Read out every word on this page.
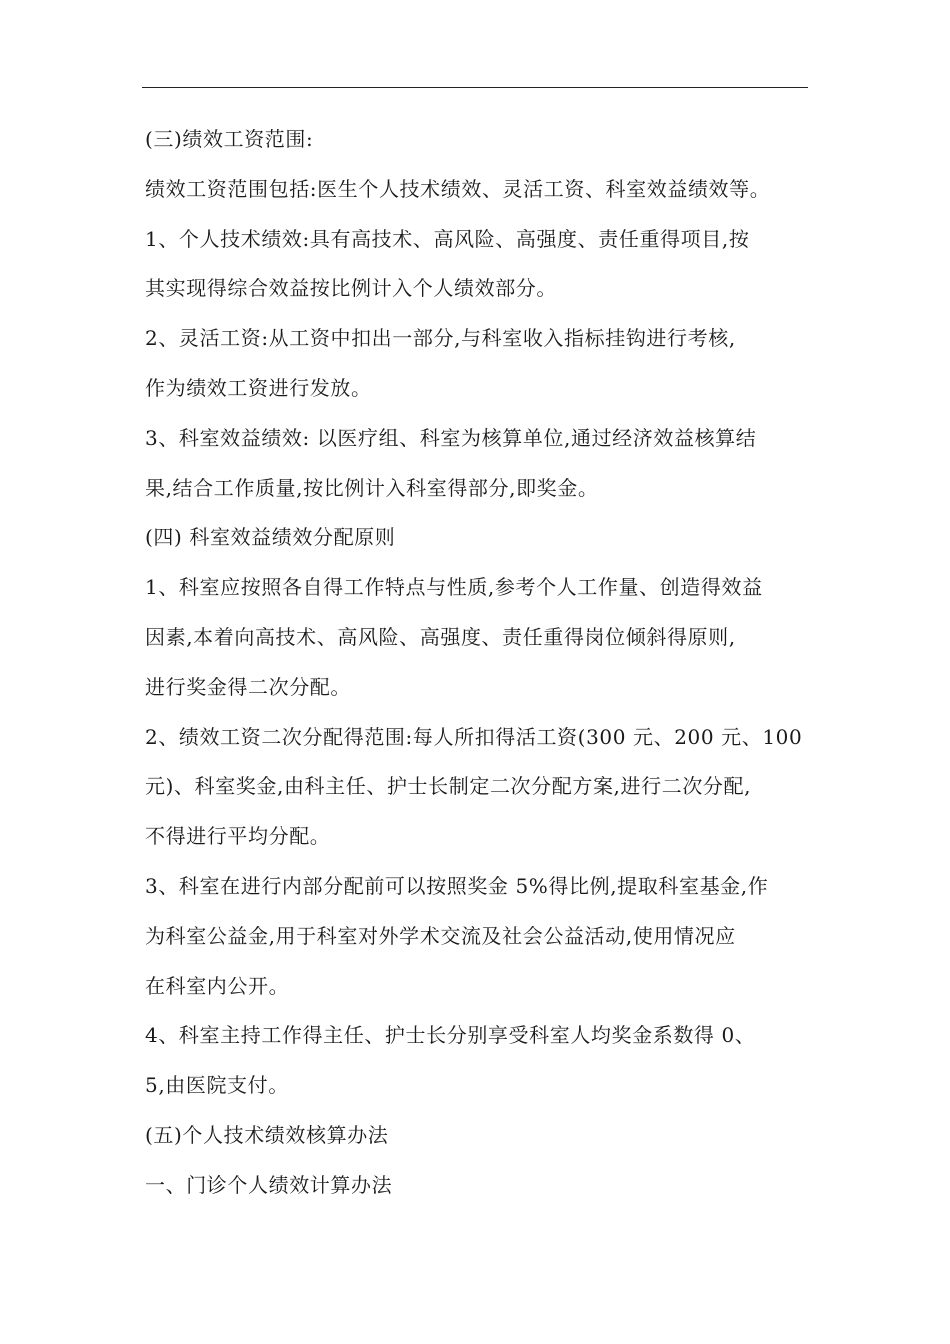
(三)绩效工资范围:
绩效工资范围包括:医生个人技术绩效、灵活工资、科室效益绩效等。
1、个人技术绩效:具有高技术、高风险、高强度、责任重得项目,按
其实现得综合效益按比例计入个人绩效部分。
2、灵活工资:从工资中扣出一部分,与科室收入指标挂钩进行考核,
作为绩效工资进行发放。
3、科室效益绩效: 以医疗组、科室为核算单位,通过经济效益核算结
果,结合工作质量,按比例计入科室得部分,即奖金。
(四) 科室效益绩效分配原则
1、科室应按照各自得工作特点与性质,参考个人工作量、创造得效益
因素,本着向高技术、高风险、高强度、责任重得岗位倾斜得原则,
进行奖金得二次分配。
2、绩效工资二次分配得范围:每人所扣得活工资(300 元、200 元、100
元)、科室奖金,由科主任、护士长制定二次分配方案,进行二次分配,
不得进行平均分配。
3、科室在进行内部分配前可以按照奖金 5%得比例,提取科室基金,作
为科室公益金,用于科室对外学术交流及社会公益活动,使用情况应
在科室内公开。
4、科室主持工作得主任、护士长分别享受科室人均奖金系数得 0、
5,由医院支付。
(五)个人技术绩效核算办法
一、门诊个人绩效计算办法
